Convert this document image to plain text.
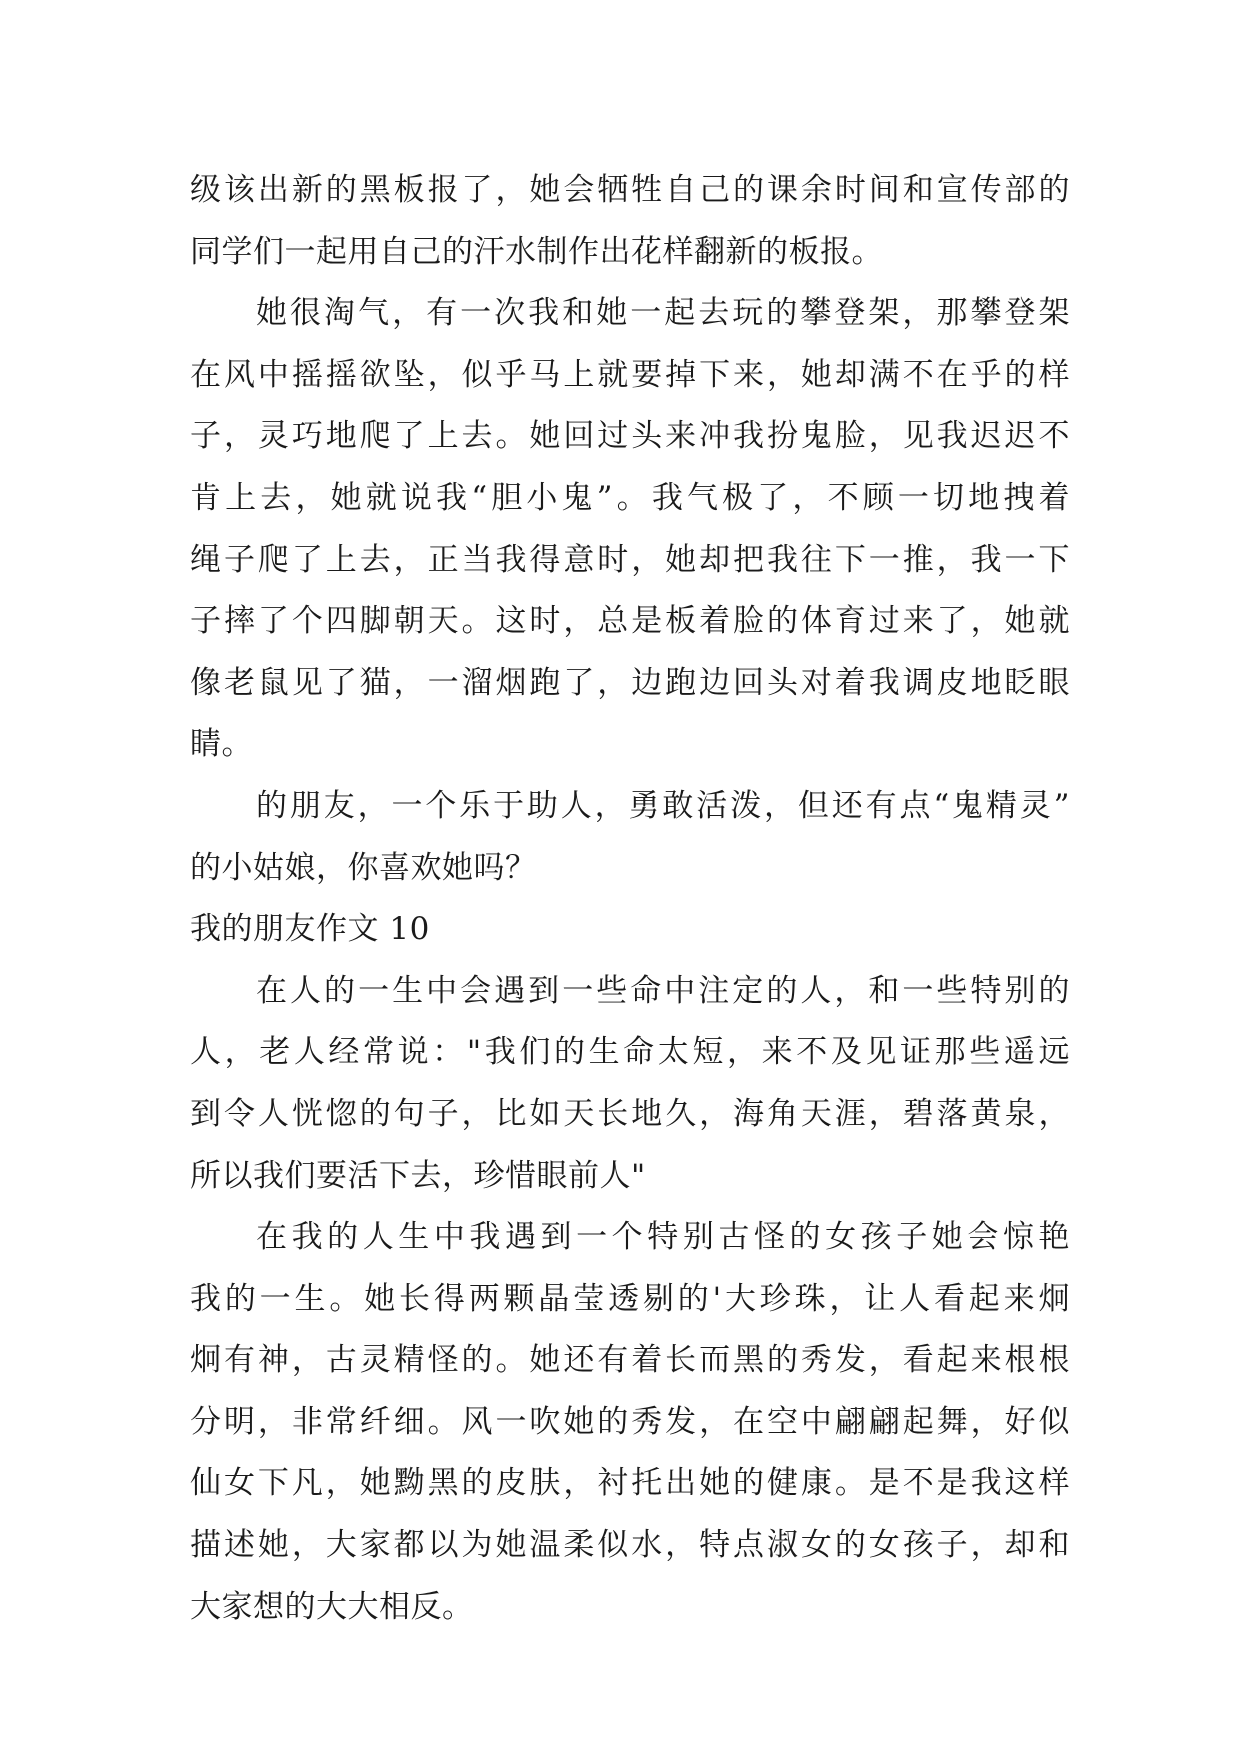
级该出新的黑板报了，她会牺牲自己的课余时间和宣传部的
同学们一起用自己的汗水制作出花样翻新的板报。
她很淘气，有一次我和她一起去玩的攀登架，那攀登架
在风中摇摇欲坠，似乎马上就要掉下来，她却满不在乎的样
子，灵巧地爬了上去。她回过头来冲我扮鬼脸，见我迟迟不
肯上去，她就说我“胆小鬼”。我气极了，不顾一切地拽着
绳子爬了上去，正当我得意时，她却把我往下一推，我一下
子摔了个四脚朝天。这时，总是板着脸的体育过来了，她就
像老鼠见了猫，一溜烟跑了，边跑边回头对着我调皮地眨眼
睛。
的朋友，一个乐于助人，勇敢活泼，但还有点“鬼精灵”
的小姑娘，你喜欢她吗？
我的朋友作文 10
在人的一生中会遇到一些命中注定的人，和一些特别的
人，老人经常说："我们的生命太短，来不及见证那些遥远
到令人恍惚的句子，比如天长地久，海角天涯，碧落黄泉，
所以我们要活下去，珍惜眼前人"
在我的人生中我遇到一个特别古怪的女孩子她会惊艳
我的一生。她长得两颗晶莹透剔的'大珍珠，让人看起来炯
炯有神，古灵精怪的。她还有着长而黑的秀发，看起来根根
分明，非常纤细。风一吹她的秀发，在空中翩翩起舞，好似
仙女下凡，她黝黑的皮肤，衬托出她的健康。是不是我这样
描述她，大家都以为她温柔似水，特点淑女的女孩子，却和
大家想的大大相反。
